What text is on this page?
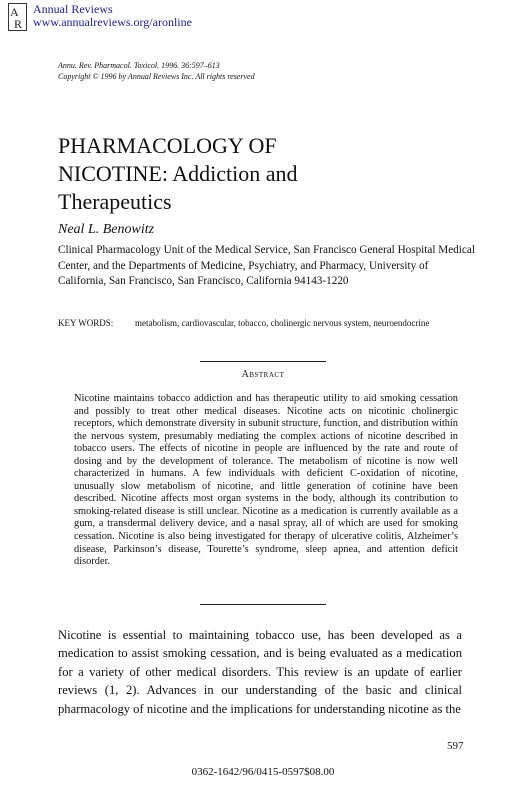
A
R
Annual Reviews
www.annualreviews.org/aronline
Annu. Rev. Pharmacol. Toxicol. 1996. 36:597–613
Copyright © 1996 by Annual Reviews Inc. All rights reserved
PHARMACOLOGY OF
NICOTINE: Addiction and
Therapeutics
Neal L. Benowitz
Clinical Pharmacology Unit of the Medical Service, San Francisco General Hospital Medical Center, and the Departments of Medicine, Psychiatry, and Pharmacy, University of California, San Francisco, San Francisco, California 94143-1220
KEY WORDS: metabolism, cardiovascular, tobacco, cholinergic nervous system, neuroendocrine
Abstract
Nicotine maintains tobacco addiction and has therapeutic utility to aid smoking cessation and possibly to treat other medical diseases. Nicotine acts on nicotinic cholinergic receptors, which demonstrate diversity in subunit structure, function, and distribution within the nervous system, presumably mediating the complex actions of nicotine described in tobacco users. The effects of nicotine in people are influenced by the rate and route of dosing and by the development of tolerance. The metabolism of nicotine is now well characterized in humans. A few individuals with deficient C-oxidation of nicotine, unusually slow metabolism of nicotine, and little generation of cotinine have been described. Nicotine affects most organ systems in the body, although its contribution to smoking-related disease is still unclear. Nicotine as a medication is currently available as a gum, a transdermal delivery device, and a nasal spray, all of which are used for smoking cessation. Nicotine is also being investigated for therapy of ulcerative colitis, Alzheimer’s disease, Parkinson’s disease, Tourette’s syndrome, sleep apnea, and attention deficit disorder.
Nicotine is essential to maintaining tobacco use, has been developed as a medication to assist smoking cessation, and is being evaluated as a medication for a variety of other medical disorders. This review is an update of earlier reviews (1, 2). Advances in our understanding of the basic and clinical pharmacology of nicotine and the implications for understanding nicotine as the
597
0362-1642/96/0415-0597$08.00
